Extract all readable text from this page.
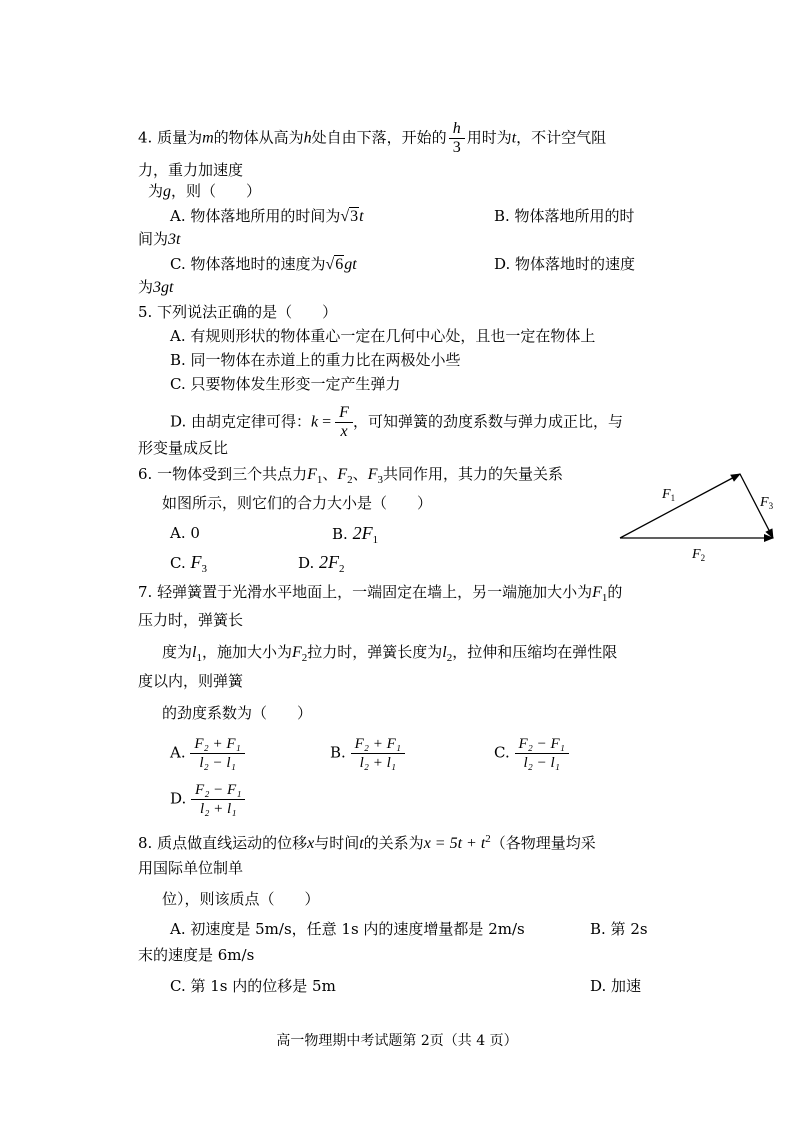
4. 质量为m的物体从高为h处自由下落，开始的 $\frac{h}{3}$ 用时为t，不计空气阻
力，重力加速度
为g，则（　　）
A. 物体落地所用的时间为√3t	B. 物体落地所用的时
间为3t
C. 物体落地时的速度为√6gt	D. 物体落地时的速度
为3gt
5. 下列说法正确的是（　　）
A. 有规则形状的物体重心一定在几何中心处，且也一定在物体上
B. 同一物体在赤道上的重力比在两极处小些
C. 只要物体发生形变一定产生弹力
D. 由胡克定律可得：$k = \frac{F}{x}$ ，可知弹簧的劲度系数与弹力成正比，与
形变量成反比
6. 一物体受到三个共点力$F_1$、$F_2$、$F_3$共同作用，其力的矢量关系
如图所示，则它们的合力大小是（　　）
A. 0	B. $2F_1$
C. $F_3$	D. $2F_2$
$F_1$	$F_3$
$F_2$
7. 轻弹簧置于光滑水平地面上，一端固定在墙上，另一端施加大小为$F_1$的
压力时，弹簧长
度为$l_1$，施加大小为$F_2$拉力时，弹簧长度为$l_2$，拉伸和压缩均在弹性限
度以内，则弹簧
的劲度系数为（　　）
A. $\frac{\text{F₂ + F₁}}{\text{l₂ − l₁}}$	B. $\frac{\text{F₂ + F₁}}{\text{l₂ + l₁}}$	C. $\frac{\text{F₂ − F₁}}{\text{l₂ − l₁}}$
D. $\frac{\text{F₂ − F₁}}{\text{l₂ + l₁}}$
8. 质点做直线运动的位移x与时间t的关系为$x = 5t + t^2$（各物理量均采
用国际单位制单
位），则该质点（　　）
A. 初速度是 5m/s，任意 1s 内的速度增量都是 2m/s	B. 第 2s
末的速度是 6m/s
C. 第 1s 内的位移是 5m	D. 加速
高一物理期中考试题第 2页（共 4 页）
